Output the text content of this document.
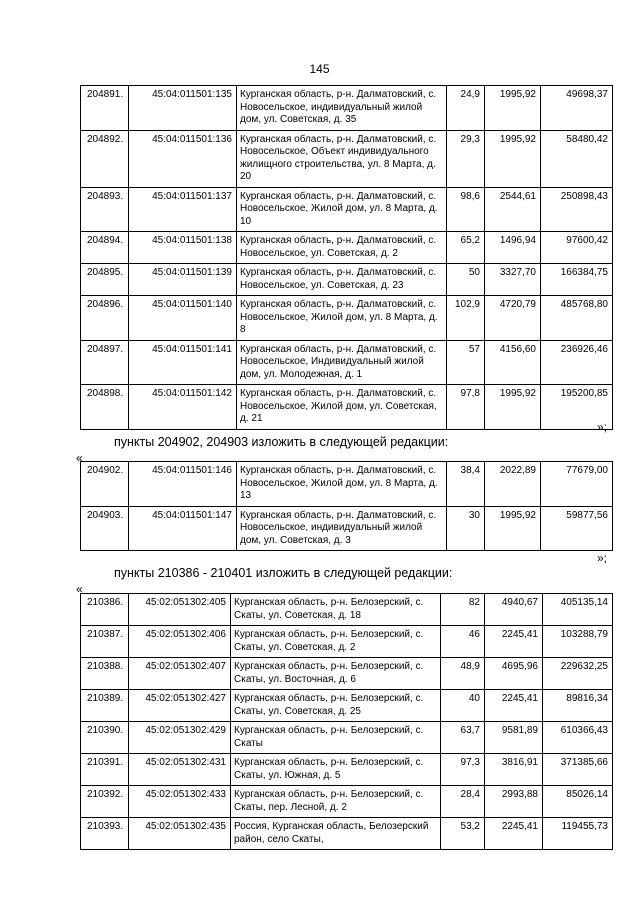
145
204891.	45:04:011501:135	Курганская область, р-н. Далматовский, с. Новосельское, индивидуальный жилой дом, ул. Советская, д. 35	24,9	1995,92	49698,37
204892.	45:04:011501:136	Курганская область, р-н. Далматовский, с. Новосельское, Объект индивидуального жилищного строительства, ул. 8 Марта, д. 20	29,3	1995,92	58480,42
204893.	45:04:011501:137	Курганская область, р-н. Далматовский, с. Новосельское, Жилой дом, ул. 8 Марта, д. 10	98,6	2544,61	250898,43
204894.	45:04:011501:138	Курганская область, р-н. Далматовский, с. Новосельское, ул. Советская, д. 2	65,2	1496,94	97600,42
204895.	45:04:011501:139	Курганская область, р-н. Далматовский, с. Новосельское, ул. Советская, д. 23	50	3327,70	166384,75
204896.	45:04:011501:140	Курганская область, р-н. Далматовский, с. Новосельское, Жилой дом, ул. 8 Марта, д. 8	102,9	4720,79	485768,80
204897.	45:04:011501:141	Курганская область, р-н. Далматовский, с. Новосельское, Индивидуальный жилой дом, ул. Молодежная, д. 1	57	4156,60	236926,46
204898.	45:04:011501:142	Курганская область, р-н. Далматовский, с. Новосельское, Жилой дом, ул. Советская, д. 21	97,8	1995,92	195200,85
»;
пункты 204902, 204903 изложить в следующей редакции:
«
204902.	45:04:011501:146	Курганская область, р-н. Далматовский, с. Новосельское, Жилой дом, ул. 8 Марта, д. 13	38,4	2022,89	77679,00
204903.	45:04:011501:147	Курганская область, р-н. Далматовский, с. Новосельское, индивидуальный жилой дом, ул. Советская, д. 3	30	1995,92	59877,56
»;
пункты 210386 - 210401 изложить в следующей редакции:
«
210386.	45:02:051302:405	Курганская область, р-н. Белозерский, с. Скаты, ул. Советская, д. 18	82	4940,67	405135,14
210387.	45:02:051302:406	Курганская область, р-н. Белозерский, с. Скаты, ул. Советская, д. 2	46	2245,41	103288,79
210388.	45:02:051302:407	Курганская область, р-н. Белозерский, с. Скаты, ул. Восточная, д. 6	48,9	4695,96	229632,25
210389.	45:02:051302:427	Курганская область, р-н. Белозерский, с. Скаты, ул. Советская, д. 25	40	2245,41	89816,34
210390.	45:02:051302:429	Курганская область, р-н. Белозерский, с. Скаты	63,7	9581,89	610366,43
210391.	45:02:051302:431	Курганская область, р-н. Белозерский, с. Скаты, ул. Южная, д. 5	97,3	3816,91	371385,66
210392.	45:02:051302:433	Курганская область, р-н. Белозерский, с. Скаты, пер. Лесной, д. 2	28,4	2993,88	85026,14
210393.	45:02:051302:435	Россия, Курганская область, Белозерский район, село Скаты,	53,2	2245,41	119455,73
